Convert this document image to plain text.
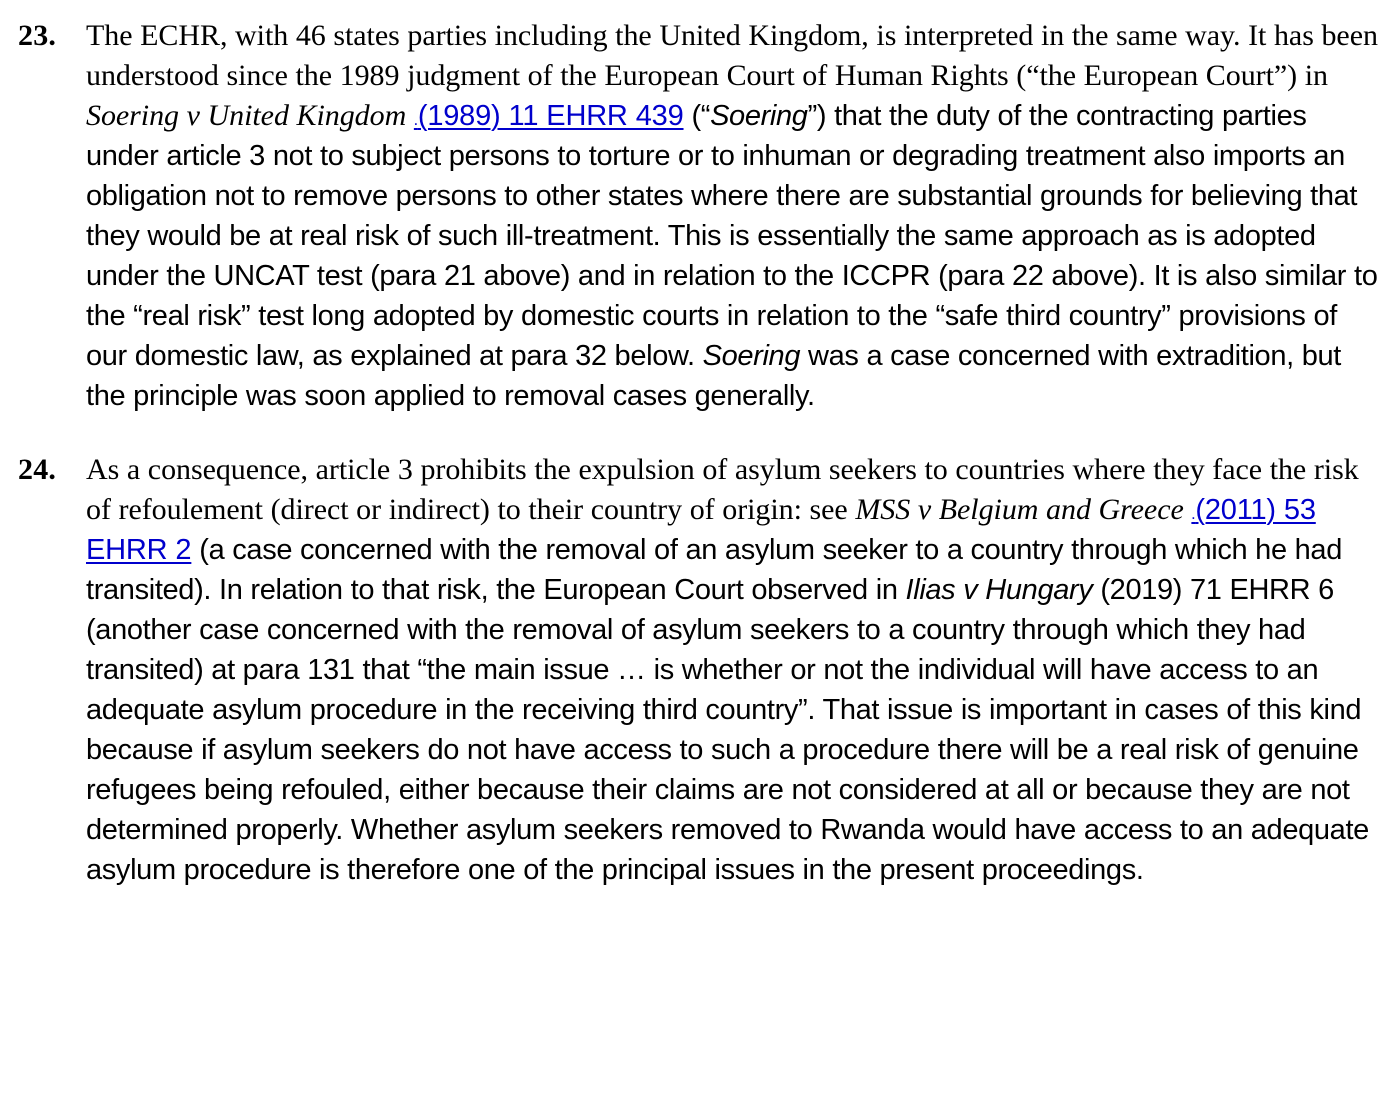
23. The ECHR, with 46 states parties including the United Kingdom, is interpreted in the same way. It has been understood since the 1989 judgment of the European Court of Human Rights (“the European Court”) in Soering v United Kingdom .(1989) 11 EHRR 439 (“Soering”) that the duty of the contracting parties under article 3 not to subject persons to torture or to inhuman or degrading treatment also imports an obligation not to remove persons to other states where there are substantial grounds for believing that they would be at real risk of such ill-treatment. This is essentially the same approach as is adopted under the UNCAT test (para 21 above) and in relation to the ICCPR (para 22 above). It is also similar to the “real risk” test long adopted by domestic courts in relation to the “safe third country” provisions of our domestic law, as explained at para 32 below. Soering was a case concerned with extradition, but the principle was soon applied to removal cases generally.
24. As a consequence, article 3 prohibits the expulsion of asylum seekers to countries where they face the risk of refoulement (direct or indirect) to their country of origin: see MSS v Belgium and Greece .(2011) 53 EHRR 2 (a case concerned with the removal of an asylum seeker to a country through which he had transited). In relation to that risk, the European Court observed in Ilias v Hungary (2019) 71 EHRR 6 (another case concerned with the removal of asylum seekers to a country through which they had transited) at para 131 that “the main issue … is whether or not the individual will have access to an adequate asylum procedure in the receiving third country”. That issue is important in cases of this kind because if asylum seekers do not have access to such a procedure there will be a real risk of genuine refugees being refouled, either because their claims are not considered at all or because they are not determined properly. Whether asylum seekers removed to Rwanda would have access to an adequate asylum procedure is therefore one of the principal issues in the present proceedings.
